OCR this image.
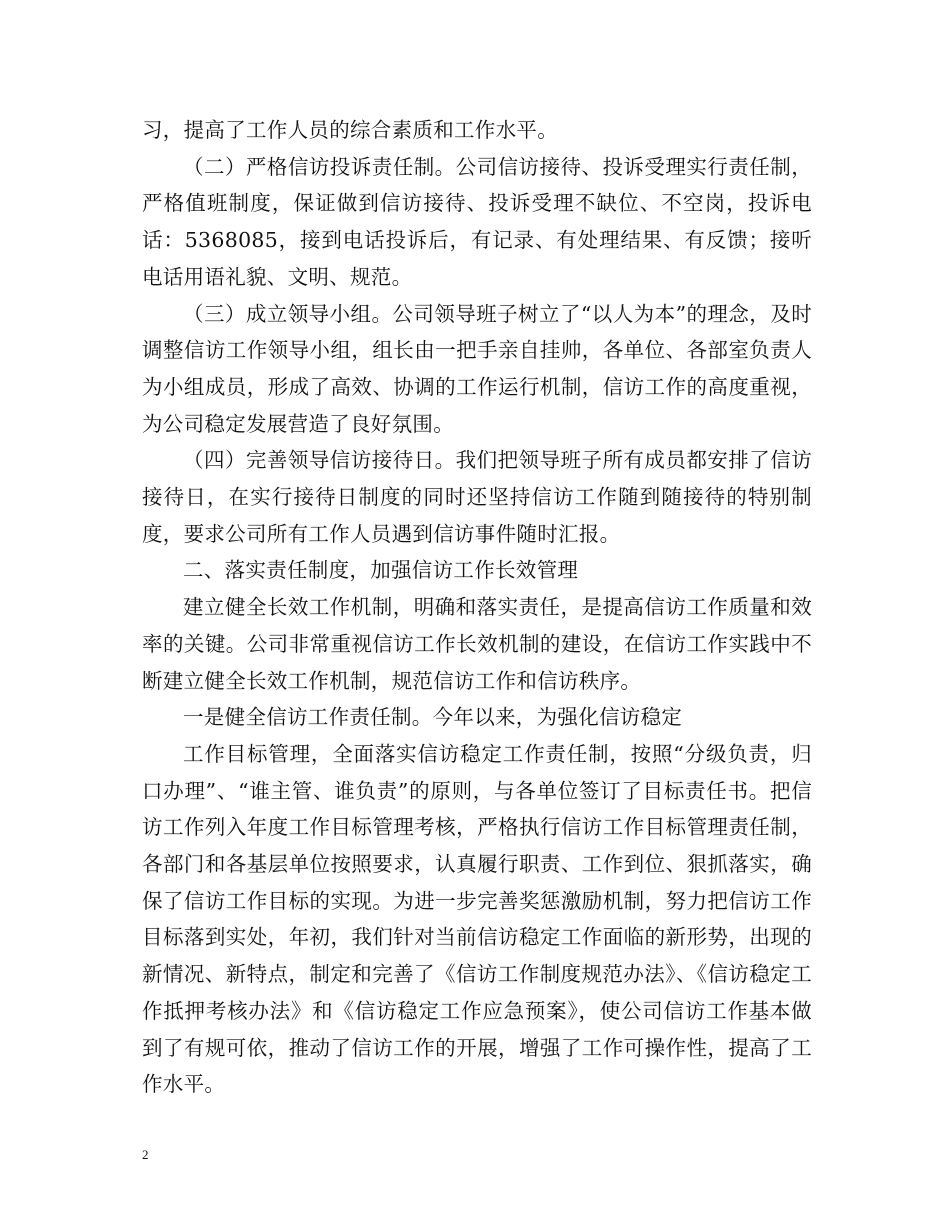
习，提高了工作人员的综合素质和工作水平。

（二）严格信访投诉责任制。公司信访接待、投诉受理实行责任制，严格值班制度，保证做到信访接待、投诉受理不缺位、不空岗，投诉电话：5368085，接到电话投诉后，有记录、有处理结果、有反馈；接听电话用语礼貌、文明、规范。

（三）成立领导小组。公司领导班子树立了“以人为本”的理念，及时调整信访工作领导小组，组长由一把手亲自挂帅，各单位、各部室负责人为小组成员，形成了高效、协调的工作运行机制，信访工作的高度重视，为公司稳定发展营造了良好氛围。

（四）完善领导信访接待日。我们把领导班子所有成员都安排了信访接待日，在实行接待日制度的同时还坚持信访工作随到随接待的特别制度，要求公司所有工作人员遇到信访事件随时汇报。

二、落实责任制度，加强信访工作长效管理

建立健全长效工作机制，明确和落实责任，是提高信访工作质量和效率的关键。公司非常重视信访工作长效机制的建设，在信访工作实践中不断建立健全长效工作机制，规范信访工作和信访秩序。

一是健全信访工作责任制。今年以来，为强化信访稳定

工作目标管理，全面落实信访稳定工作责任制，按照“分级负责，归口办理”、“谁主管、谁负责”的原则，与各单位签订了目标责任书。把信访工作列入年度工作目标管理考核，严格执行信访工作目标管理责任制，各部门和各基层单位按照要求，认真履行职责、工作到位、狠抓落实，确保了信访工作目标的实现。为进一步完善奖惩激励机制，努力把信访工作目标落到实处，年初，我们针对当前信访稳定工作面临的新形势，出现的新情况、新特点，制定和完善了《信访工作制度规范办法》、《信访稳定工作抵押考核办法》和《信访稳定工作应急预案》，使公司信访工作基本做到了有规可依，推动了信访工作的开展，增强了工作可操作性，提高了工作水平。

2
